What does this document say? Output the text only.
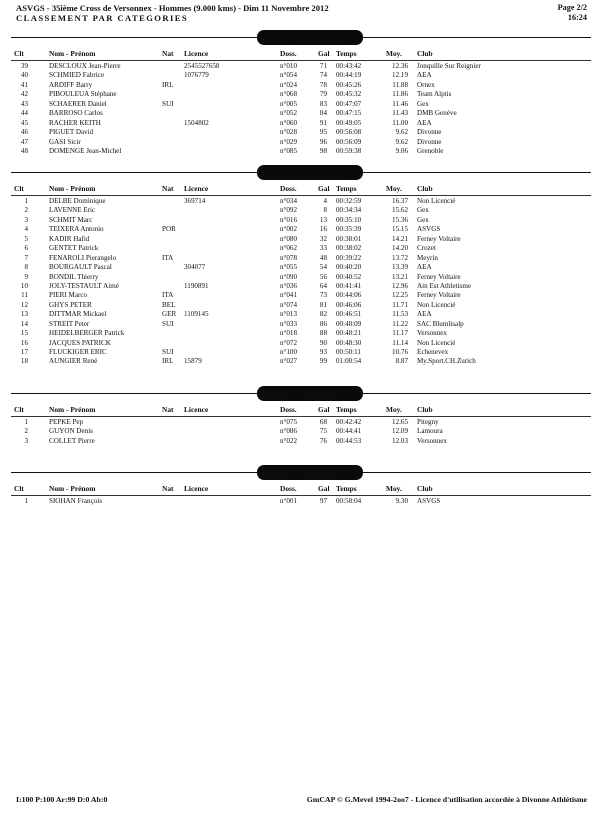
ASVGS - 35ième Cross de Versonnex - Hommes (9.000 kms) - Dim 11 Novembre 2012
CLASSEMENT PAR CATEGORIES
Page 2/2
16:24
Vétéran 1 - MASCULIN
Clt	Nom - Prénom	Nat Licence	Doss.	Gal Temps	Moy. Club
39	DESCLOUX Jean-Pierre	2545527658	n°010	71 00:43:42	12.36 Jonquille Sur Reignier
40	SCHMIED Fabrice	1076779	n°054	74 00:44:19	12.19 AEA
41	ARDIFF Barry	IRL	n°024	78 00:45:26	11.88 Ornex
42	PIBOULEUA Stéphane	n°068	79 00:45:32	11.86 Team Alptis
43	SCHAERER Daniel	SUI	n°005	83 00:47:07	11.46 Gex
44	BARROSO Carlos	n°052	84 00:47:15	11.43 DMB Genève
45	RACHER KEITH	1504802	n°060	91 00:49:05	11.00 AEA
46	PIGUET David	n°028	95 00:56:08	9.62 Divonne
47	GASI Sicir	n°029	96 00:56:09	9.62 Divonne
48	DOMENGE Jean-Michel	n°085	98 00:59:38	9.06 Grenoble
Vétéran 2 - MASCULIN
Clt	Nom - Prénom	Nat Licence	Doss.	Gal Temps	Moy. Club
1	DELBE Dominique	369714	n°034	4 00:32:59	16.37 Non Licencié
2	LAVENNE Eric	n°092	8 00:34:34	15.62 Gex
3	SCHMIT Marc	n°016	13 00:35:10	15.36 Gex
4	TEIXERA Antonio	POR	n°002	16 00:35:39	15.15 ASVGS
5	KADIR Hafid	n°080	32 00:38:01	14.21 Ferney Voltaire
6	GENTET Patrick	n°062	33 00:38:02	14.20 Crozet
7	FENAROLI Pierangelo	ITA	n°078	48 00:39:22	13.72 Meyrin
8	BOURGAULT Pascal	304077	n°055	54 00:40:20	13.39 AEA
9	BONDIL Thierry	n°090	56 00:40:52	13.21 Ferney Voltaire
10	JOLY-TESTAULT Aimé	1190891	n°036	64 00:41:41	12.96 Ain Est Athletisme
11	PIERI Marco	ITA	n°041	73 00:44:06	12.25 Ferney Voltaire
12	GHYS PETER	BEL	n°074	81 00:46:06	11.71 Non Licencié
13	DITTMAR Mickael	GER 1109145	n°013	82 00:46:51	11.53 AEA
14	STREIT Peter	SUI	n°033	86 00:48:09	11.22 SAC Blumlisalp
15	HEIDELBERGER Patrick	n°018	88 00:48:21	11.17 Versonnex
16	JACQUES PATRICK	n°072	90 00:48:30	11.14 Non Licencié
17	FLUCKIGER ERIC	SUI	n°100	93 00:50:11	10.76 Echenevex
18	AUNGIER René	IRL 15879	n°027	99 01:00:54	8.87 My.Sport.CH.Zurich
Vétéran 3 - MASCULIN
Clt	Nom - Prénom	Nat Licence	Doss.	Gal Temps	Moy. Club
1	PEPKE Pep	n°075	68 00:42:42	12.65 Pitegny
2	GUYON Denis	n°086	75 00:44:41	12.09 Lamoura
3	COLLET Pierre	n°022	76 00:44:53	12.03 Versonnex
Vétéran 4 - MASCULIN
Clt	Nom - Prénom	Nat Licence	Doss.	Gal Temps	Moy. Club
1	SIOHAN François	n°001	97 00:58:04	9.30 ASVGS
I:100 P:100 Ar:99 D:0 Ab:0	GmCAP © G.Mevel 1994-2oo7 - Licence d'utilisation accordée à Divonne Athlétisme
